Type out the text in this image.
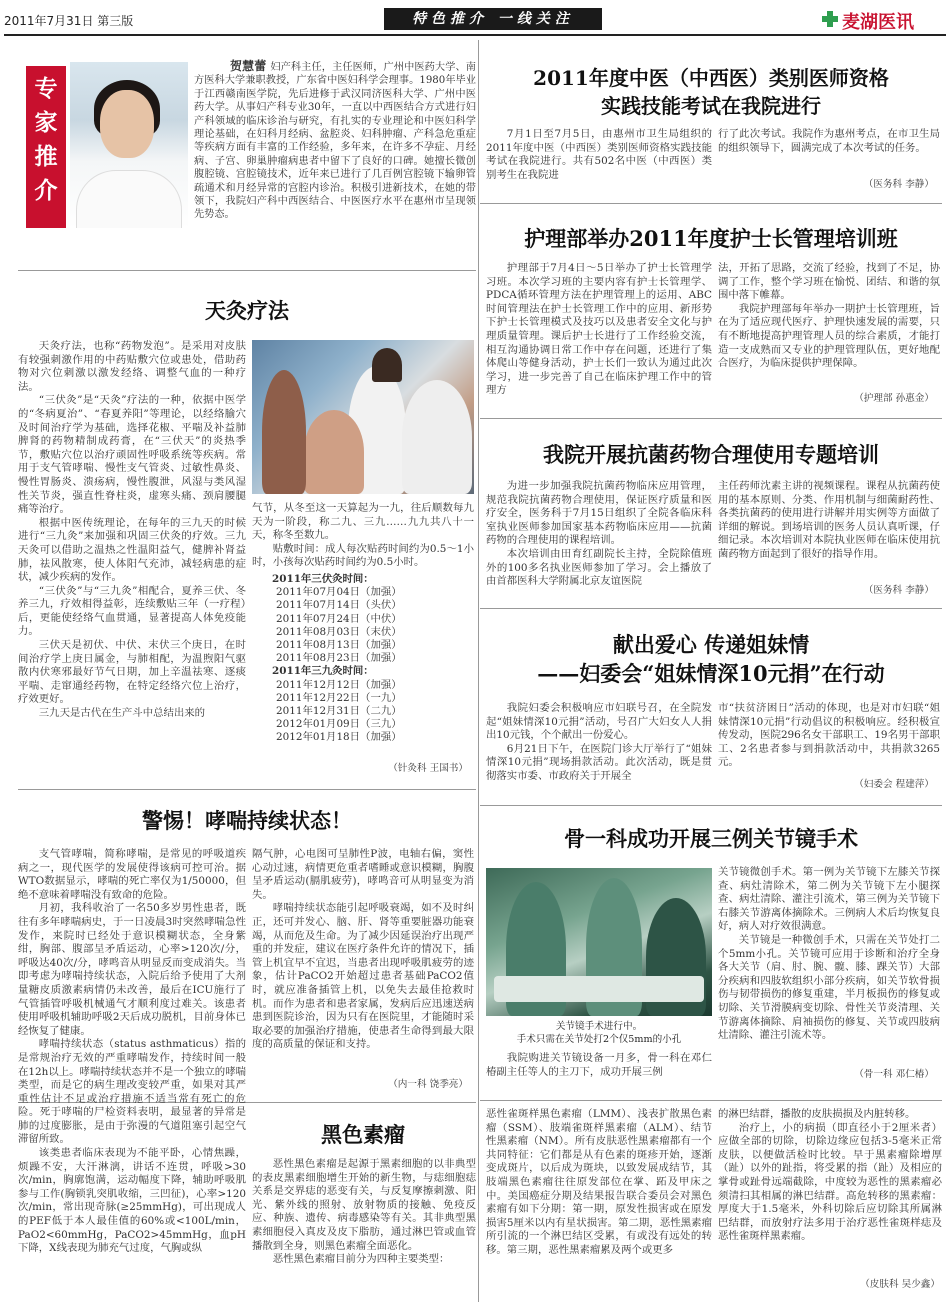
2011年7月31日 第三版	特色推介 一线关注	麦湖医讯
专家推介
贺慧蕾 妇产科主任，主任医师，广州中医药大学、南方医科大学兼职教授，广东省中医妇科学会理事。1980年毕业于江西赣南医学院，先后进修于武汉同济医科大学、广州中医药大学。从事妇产科专业30年，一直以中西医结合方式进行妇产科领域的临床诊治与研究，有扎实的专业理论和中医妇科学理论基础，在妇科月经病、盆腔炎、妇科肿瘤、产科急危重症等疾病方面有丰富的工作经验，多年来，在许多不孕症、月经病、子宫、卵巢肿瘤病患者中留下了良好的口碑。她擅长微创腹腔镜、宫腔镜技术，近年来已进行了几百例宫腔镜下输卵管疏通术和月经异常的宫腔内诊治。积极引进新技术，在她的带领下，我院妇产科中西医结合、中医医疗水平在惠州市呈现领先势态。
天灸疗法

天灸疗法，也称“药物发泡”。是采用对皮肤有较强刺激作用的中药贴敷穴位或患处，借助药物对穴位刺激以激发经络、调整气血的一种疗法。

“三伏灸”是“天灸”疗法的一种，依据中医学的“冬病夏治”、“春夏养阳”等理论，以经络腧穴及时间治疗学为基础，选择花椒、平喘及补益肺脾肾的药物精制成药膏，在“三伏天”的炎热季节，敷贴穴位以治疗顽固性呼吸系统等疾病。常用于支气管哮喘、慢性支气管炎、过敏性鼻炎、慢性胃肠炎、溃疡病，慢性腹泄，风湿与类风湿性关节炎，强直性脊柱炎，虚寒头痛、颈肩腰腿痛等治疗。

根据中医传统理论，在每年的三九天的时候进行“三九灸”来加强和巩固三伏灸的疗效。三九天灸可以借助之温热之性温阳益气，健脾补肾益肺，祛风散寒，使人体阳气充沛，减轻病患的症状，减少疾病的发作。

“三伏灸”与“三九灸”相配合，夏养三伏、冬养三九，疗效相得益彰，连续敷贴三年（一疗程）后，更能使经络气血贯通，显著提高人体免疫能力。

三伏天是初伏、中伏、末伏三个庚日，在时间治疗学上庚日属金，与肺相配，为温煦阳气驱散内伏寒邪最好节气日期，加上辛温祛寒、逐痰平喘、走窜通经药物，在特定经络穴位上治疗，疗效更好。

三九天是古代在生产斗中总结出来的

气节，从冬至这一天算起为一九，往后顺数每九天为一阶段，称二九、三九……九九共八十一天，称冬至数九。

贴敷时间：成人每次贴药时间约为0.5～1小时，小孩每次贴药时间约为0.5小时。

2011年三伏灸时间：
2011年07月04日（加强）
2011年07月14日（头伏）
2011年07月24日（中伏）
2011年08月03日（末伏）
2011年08月13日（加强）
2011年08月23日（加强）
2011年三九灸时间：
2011年12月12日（加强）
2011年12月22日（一九）
2011年12月31日（二九）
2012年01月09日（三九）
2012年01月18日（加强）
（针灸科 王国书）
警惕！哮喘持续状态！

支气管哮喘，简称哮喘，是常见的呼吸道疾病之一，现代医学的发展使得该病可控可治。据WTO数据显示，哮喘的死亡率仅为1/50000，但绝不意味着哮喘没有致命的危险。

月初，我科收治了一名50多岁男性患者，既往有多年哮喘病史，于一日凌晨3时突然哮喘急性发作，来院时已经处于意识模糊状态，全身紫绀，胸部、腹部呈矛盾运动，心率>120次/分，呼吸达40次/分，哮鸣音从明显反而变成消失。当即考虑为哮喘持续状态，入院后给予使用了大剂量糖皮质激素病情仍未改善，最后在ICU施行了气管插管呼吸机械通气才顺利度过难关。该患者使用呼吸机辅助呼吸2天后成功脱机，目前身体已经恢复了健康。

哮喘持续状态（status asthmaticus）指的是常规治疗无效的严重哮喘发作，持续时间一般在12h以上。哮喘持续状态并不是一个独立的哮喘类型，而是它的病生理改变较严重，如果对其严重性估计不足或治疗措施不适当常有死亡的危险。死于哮喘的尸检资料表明，最显著的异常是肺的过度膨胀，是由于弥漫的气道阻塞引起空气滞留所致。

该类患者临床表现为不能平卧，心情焦躁，烦躁不安，大汗淋漓，讲话不连贯，呼吸>30次/min，胸廓饱满，运动幅度下降，辅助呼吸肌参与工作(胸锁乳突肌收缩，三凹征)，心率>120次/min，常出现奇脉(≥25mmHg)，可出现成人的PEF低于本人最佳值的60%或<100L/min，PaO2<60mmHg，PaCO2>45mmHg，血pH下降，X线表现为肺充气过度，气胸或纵

隔气肿，心电图可呈肺性P波，电轴右偏，窦性心动过速，病情更危重者嗜睡或意识模糊，胸腹呈矛盾运动(膈肌疲劳)，哮鸣音可从明显变为消失。

哮喘持续状态能引起呼吸衰竭，如不及时纠正，还可并发心、脑、肝、肾等重要脏器功能衰竭，从而危及生命。为了减少因延误治疗出现严重的并发症，建议在医疗条件允许的情况下，插管上机宜早不宜迟，当患者出现呼吸肌疲劳的迹象，估计PaCO2开始超过患者基础PaCO2值时，就应准备插管上机，以免失去最佳抢救时机。而作为患者和患者家属，发病后应迅速送病患到医院诊治，因为只有在医院里，才能随时采取必要的加强治疗措施，使患者生命得到最大限度的高质量的保证和支持。

（内一科 饶季亮）
黑色素瘤

恶性黑色素瘤是起源于黑素细胞的以非典型的表皮黑素细胞增生开始的新生物，与痣细胞痣关系是交界痣的恶变有关，与反复摩擦刺激、阳光、紫外线的照射、放射物质的接触、免疫反应、种族、遗传、病毒感染等有关。其非典型黑素细胞侵入真皮及皮下脂肪，通过淋巴管或血管播散到全身，则黑色素瘤全面恶化。

恶性黑色素瘤目前分为四种主要类型：

恶性雀斑样黑色素瘤（LMM）、浅表扩散黑色素瘤（SSM）、肢端雀斑样黑素瘤（ALM）、结节性黑素瘤（NM）。所有皮肤恶性黑素瘤都有一个共同特征：它们都是从有色素的斑疹开始，逐渐变成斑片，以后成为斑块，以致发展成结节，其肢端黑色素瘤往往原发部位在掌、跖及甲床之中。美国癌症分期及结果报告联合委员会对黑色素瘤有如下分期：第一期，原发性损害或在原发损害5厘米以内有星状损害。第二期，恶性黑素瘤所引流的一个淋巴结区受累，有或没有远处的转移。第三期，恶性黑素瘤累及两个或更多

的淋巴结群，播散的皮肤损损及内脏转移。

治疗上，小的病损（即直径小于2厘米者）应做全部的切除，切除边缘应包括3-5毫米正常皮肤，以便做活检时比较。早于黑素瘤除增厚（趾）以外的趾指，将受累的指（趾）及相应的掌骨或趾骨远端截除，中度较为恶性的黑素瘤必须清扫其相属的淋巴结群。高危转移的黑素瘤：厚度大于1.5毫米，外科切除后应切除其所属淋巴结群，而放射疗法多用于治疗恶性雀斑样痣及恶性雀斑样黑素瘤。

（皮肤科 吴少鑫）
2011年度中医（中西医）类别医师资格
实践技能考试在我院进行

7月1日至7月5日，由惠州市卫生局组织的2011年度中医（中西医）类别医师资格实践技能考试在我院进行。共有502名中医（中西医）类别考生在我院进

行了此次考试。我院作为惠州考点，在市卫生局的组织领导下，圆满完成了本次考试的任务。

（医务科 李静）
护理部举办2011年度护士长管理培训班

护理部于7月4日～5日举办了护士长管理学习班。本次学习班的主要内容有护士长管理学、PDCA循环管理方法在护理管理上的运用、ABC时间管理法在护士长管理工作中的应用、新形势下护士长管理模式及技巧以及患者安全文化与护理质量管理。课后护士长进行了工作经验交流，相互沟通协调日常工作中存在问题，还进行了集体爬山等健身活动，护士长们一致认为通过此次学习，进一步完善了自己在临床护理工作中的管理方

法，开拓了思路，交流了经验，找到了不足，协调了工作，整个学习班在愉悦、团结、和谐的氛围中落下帷幕。

我院护理部每年举办一期护士长管理班，旨在为了适应现代医疗、护理快速发展的需要，只有不断地提高护理管理人员的综合素质，才能打造一支成熟而又专业的护理管理队伍，更好地配合医疗，为临床提供护理保障。

（护理部 孙惠金）
我院开展抗菌药物合理使用专题培训

为进一步加强我院抗菌药物临床应用管理，规范我院抗菌药物合理使用，保证医疗质量和医疗安全，医务科于7月15日组织了全院各临床科室执业医师参加国家基本药物临床应用——抗菌药物的合理使用的课程培训。

本次培训由田育红副院长主持，全院除值班外的100多名执业医师参加了学习。会上播放了由首都医科大学附属北京友谊医院

主任药师沈素主讲的视频课程。课程从抗菌药使用的基本原则、分类、作用机制与细菌耐药性、各类抗菌药的使用进行讲解并用实例等方面做了详细的解说。到场培训的医务人员认真听课，仔细记录。本次培训对本院执业医师在临床使用抗菌药物方面起到了很好的指导作用。

（医务科 李静）
献出爱心 传递姐妹情
——妇委会“姐妹情深10元捐”在行动

我院妇委会积极响应市妇联号召，在全院发起“姐妹情深10元捐”活动，号召广大妇女人人捐出10元钱，个个献出一份爱心。

6月21日下午，在医院门诊大厅举行了“姐妹情深10元捐”现场捐款活动。此次活动，既是贯彻落实市委、市政府关于开展全

市“扶贫济困日”活动的体现，也是对市妇联“姐妹情深10元捐”行动倡议的积极响应。经积极宣传发动，医院296名女干部职工、19名男干部职工、2名患者参与到捐款活动中，共捐款3265元。

（妇委会 程建萍）
骨一科成功开展三例关节镜手术
关节镜手术进行中。
手术只需在关节处打2个仅5mm的小孔

我院购进关节镜设备一月多，骨一科在邓仁椿副主任等人的主刀下，成功开展三例

关节镜微创手术。第一例为关节镜下左膝关节探查、病灶清除术，第二例为关节镜下左小腿探查、病灶清除、灌注引流术，第三例为关节镜下右膝关节游离体摘除术。三例病人术后均恢复良好，病人对疗效很满意。

关节镜是一种微创手术，只需在关节处打二个5mm小孔。关节镜可应用于诊断和治疗全身各大关节（肩、肘、腕、髋、膝、踝关节）大部分疾病和四肢软组织小部分疾病，如关节软骨损伤与韧带损伤的修复重建，半月板损伤的修复或切除、关节滑膜病变切除、骨性关节炎清理、关节游离体摘除、肩袖损伤的修复、关节或四肢病灶清除、灌注引流术等。

（骨一科 邓仁椿）
